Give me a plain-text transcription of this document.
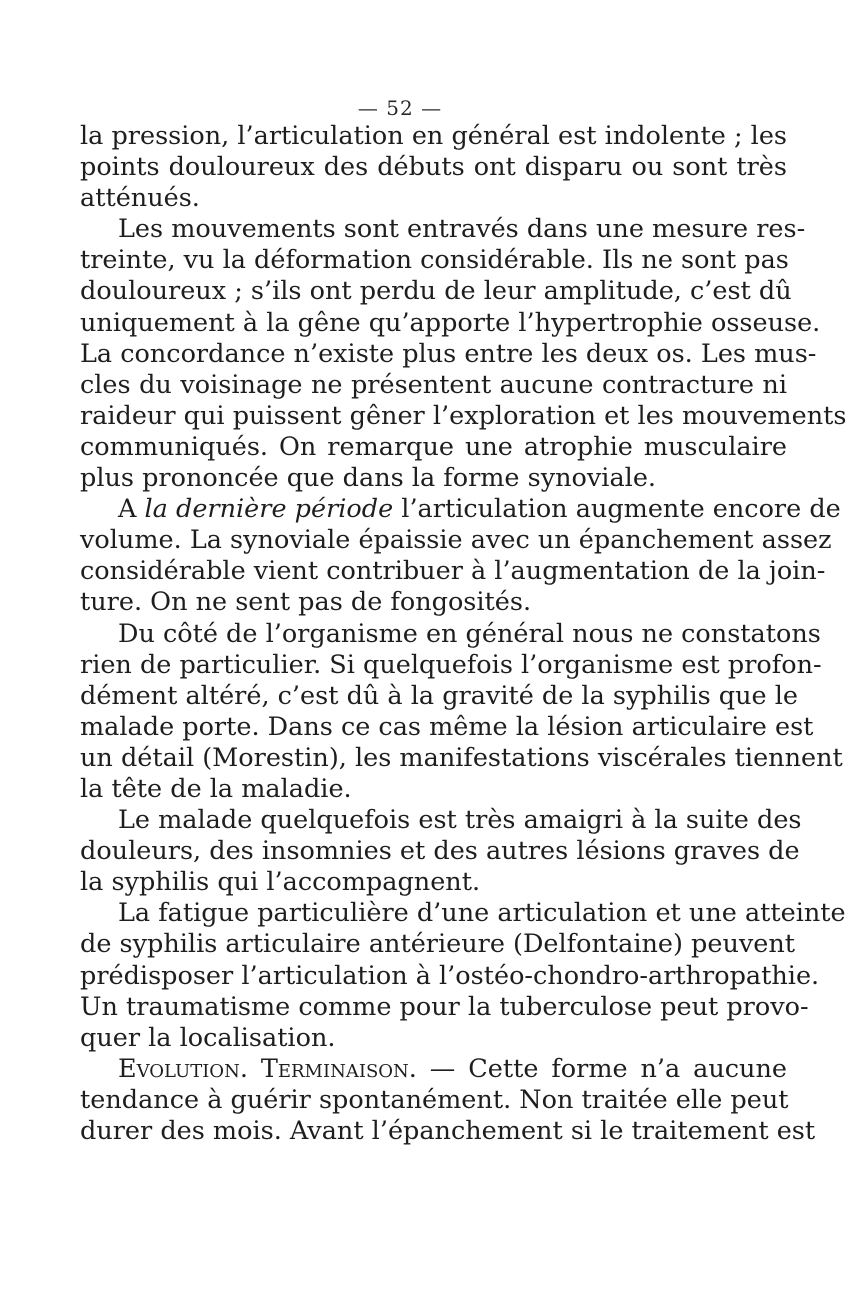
— 52 —
la pression, l’articulation en général est indolente ; les
points douloureux des débuts ont disparu ou sont très
atténués.
Les mouvements sont entravés dans une mesure res-
treinte, vu la déformation considérable. Ils ne sont pas
douloureux ; s’ils ont perdu de leur amplitude, c’est dû
uniquement à la gêne qu’apporte l’hypertrophie osseuse.
La concordance n’existe plus entre les deux os. Les mus-
cles du voisinage ne présentent aucune contracture ni
raideur qui puissent gêner l’exploration et les mouvements
communiqués. On remarque une atrophie musculaire
plus prononcée que dans la forme synoviale.
A la dernière période l’articulation augmente encore de
volume. La synoviale épaissie avec un épanchement assez
considérable vient contribuer à l’augmentation de la join-
ture. On ne sent pas de fongosités.
Du côté de l’organisme en général nous ne constatons
rien de particulier. Si quelquefois l’organisme est profon-
dément altéré, c’est dû à la gravité de la syphilis que le
malade porte. Dans ce cas même la lésion articulaire est
un détail (Morestin), les manifestations viscérales tiennent
la tête de la maladie.
Le malade quelquefois est très amaigri à la suite des
douleurs, des insomnies et des autres lésions graves de
la syphilis qui l’accompagnent.
La fatigue particulière d’une articulation et une atteinte
de syphilis articulaire antérieure (Delfontaine) peuvent
prédisposer l’articulation à l’ostéo-chondro-arthropathie.
Un traumatisme comme pour la tuberculose peut provo-
quer la localisation.
Evolution. Terminaison. — Cette forme n’a aucune
tendance à guérir spontanément. Non traitée elle peut
durer des mois. Avant l’épanchement si le traitement est
